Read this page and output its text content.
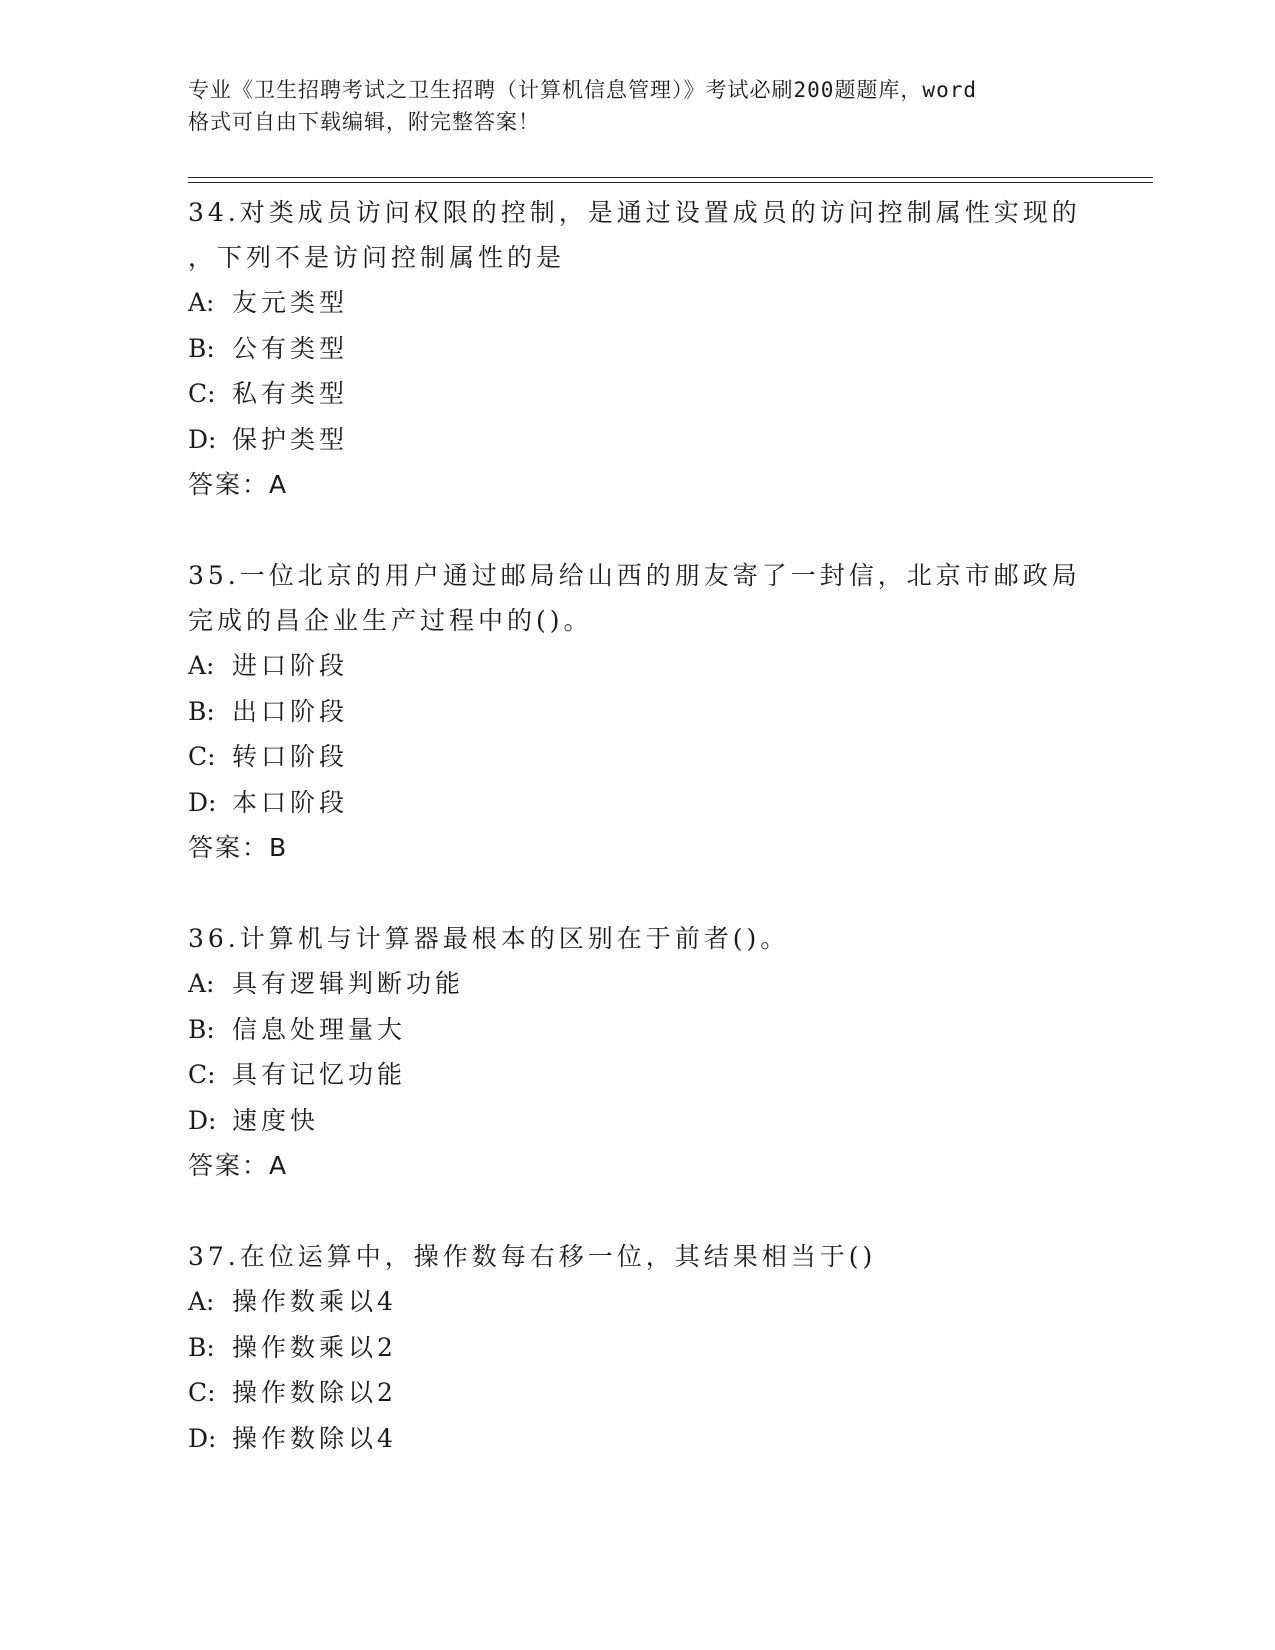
专业《卫生招聘考试之卫生招聘（计算机信息管理）》考试必刷200题题库，word
格式可自由下载编辑，附完整答案！

34.对类成员访问权限的控制，是通过设置成员的访问控制属性实现的

，下列不是访问控制属性的是

A: 友元类型

B: 公有类型

C: 私有类型

D: 保护类型

答案：A

35.一位北京的用户通过邮局给山西的朋友寄了一封信，北京市邮政局

完成的昌企业生产过程中的()。

A: 进口阶段

B: 出口阶段

C: 转口阶段

D: 本口阶段

答案：B

36.计算机与计算器最根本的区别在于前者()。

A: 具有逻辑判断功能

B: 信息处理量大

C: 具有记忆功能

D: 速度快

答案：A

37.在位运算中，操作数每右移一位，其结果相当于()

A: 操作数乘以4

B: 操作数乘以2

C: 操作数除以2

D: 操作数除以4
